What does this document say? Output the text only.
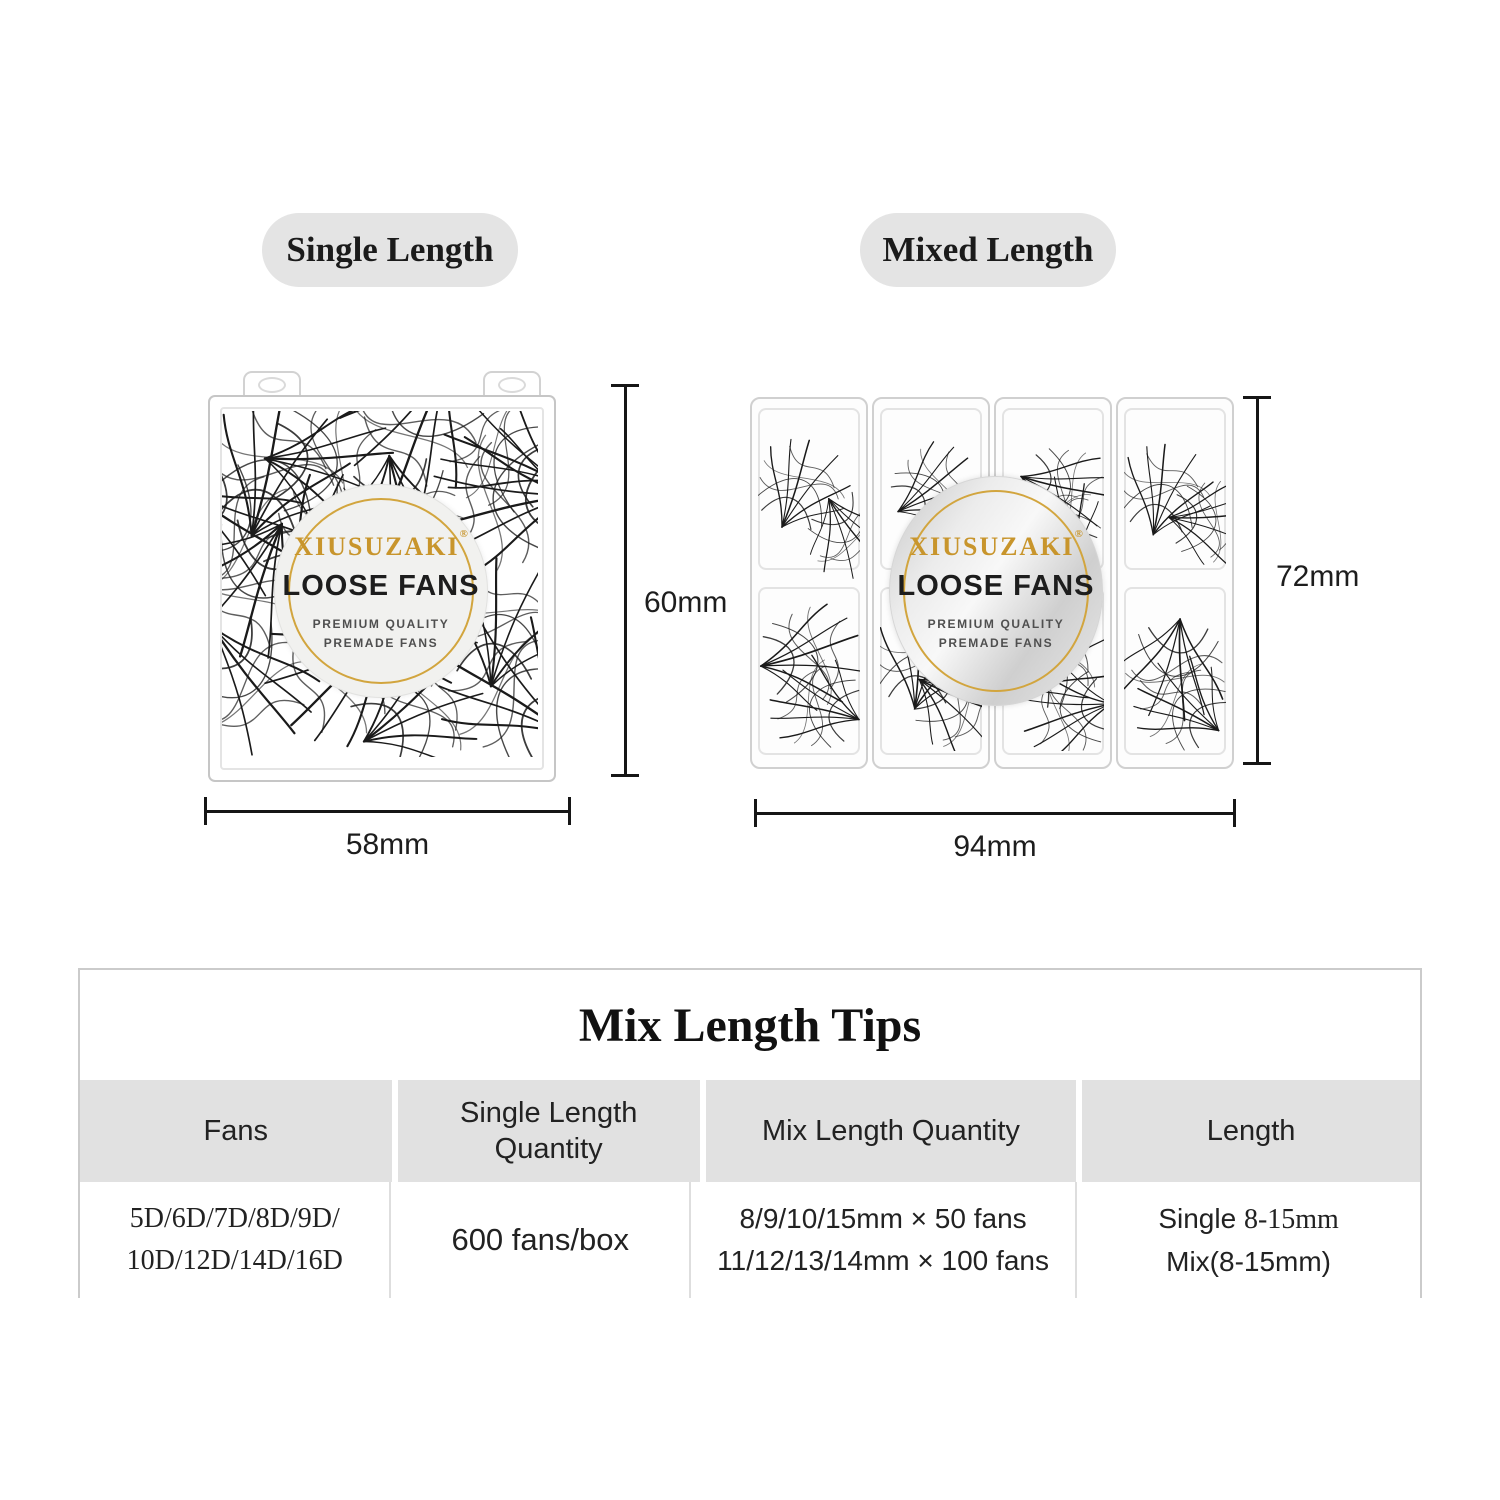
Single Length	Mixed Length
XIUSUZAKI®
LOOSE FANS
PREMIUM QUALITY
PREMADE FANS
60mm
58mm
XIUSUZAKI®
LOOSE FANS
PREMIUM QUALITY
PREMADE FANS
72mm
94mm
Mix Length Tips
Fans
Single Length Quantity
Mix Length Quantity	Length
5D/6D/7D/8D/9D/
10D/12D/14D/16D
600 fans/box
8/9/10/15mm × 50 fans
11/12/13/14mm × 100 fans
Single 8-15mm
Mix(8-15mm)
